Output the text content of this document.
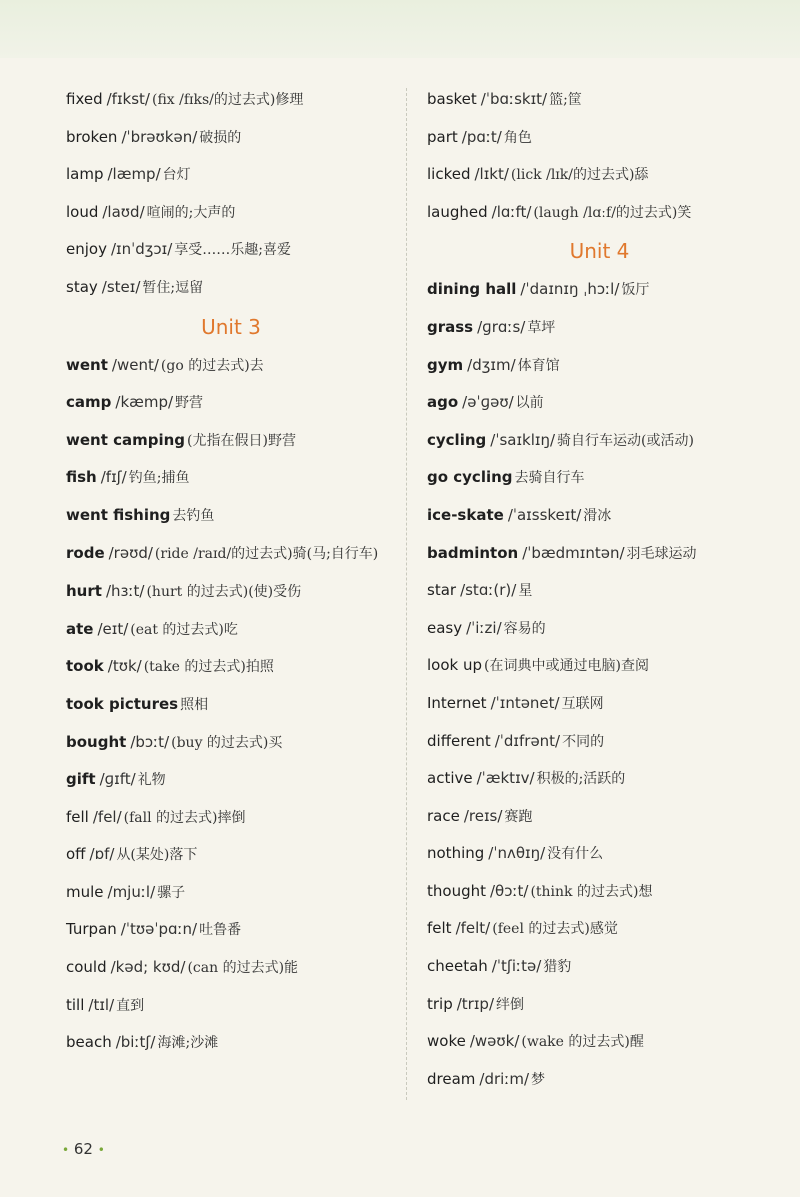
fixed /fɪkst/ (fix /fɪks/的过去式)修理
broken /ˈbrəʊkən/ 破损的
lamp /læmp/ 台灯
loud /laʊd/ 喧闹的;大声的
enjoy /ɪnˈdʒɔɪ/ 享受……乐趣;喜爱
stay /steɪ/ 暂住;逗留
Unit 3
went /went/ (go 的过去式)去
camp /kæmp/ 野营
went camping (尤指在假日)野营
fish /fɪʃ/ 钓鱼;捕鱼
went fishing 去钓鱼
rode /rəʊd/ (ride /raɪd/的过去式)骑(马;自行车)
hurt /hɜːt/ (hurt 的过去式)(使)受伤
ate /eɪt/ (eat 的过去式)吃
took /tʊk/ (take 的过去式)拍照
took pictures 照相
bought /bɔːt/ (buy 的过去式)买
gift /ɡɪft/ 礼物
fell /fel/ (fall 的过去式)摔倒
off /ɒf/ 从(某处)落下
mule /mjuːl/ 骡子
Turpan /ˈtʊəˈpɑːn/ 吐鲁番
could /kəd; kʊd/ (can 的过去式)能
till /tɪl/ 直到
beach /biːtʃ/ 海滩;沙滩
basket /ˈbɑːskɪt/ 篮;筐
part /pɑːt/ 角色
licked /lɪkt/ (lick /lɪk/的过去式)舔
laughed /lɑːft/ (laugh /lɑːf/的过去式)笑
Unit 4
dining hall /ˈdaɪnɪŋ ˌhɔːl/ 饭厅
grass /ɡrɑːs/ 草坪
gym /dʒɪm/ 体育馆
ago /əˈɡəʊ/ 以前
cycling /ˈsaɪklɪŋ/ 骑自行车运动(或活动)
go cycling 去骑自行车
ice-skate /ˈaɪsskeɪt/ 滑冰
badminton /ˈbædmɪntən/ 羽毛球运动
star /stɑː(r)/ 星
easy /ˈiːzi/ 容易的
look up (在词典中或通过电脑)查阅
Internet /ˈɪntənet/ 互联网
different /ˈdɪfrənt/ 不同的
active /ˈæktɪv/ 积极的;活跃的
race /reɪs/ 赛跑
nothing /ˈnʌθɪŋ/ 没有什么
thought /θɔːt/ (think 的过去式)想
felt /felt/ (feel 的过去式)感觉
cheetah /ˈtʃiːtə/ 猎豹
trip /trɪp/ 绊倒
woke /wəʊk/ (wake 的过去式)醒
dream /driːm/ 梦
• 62 •
